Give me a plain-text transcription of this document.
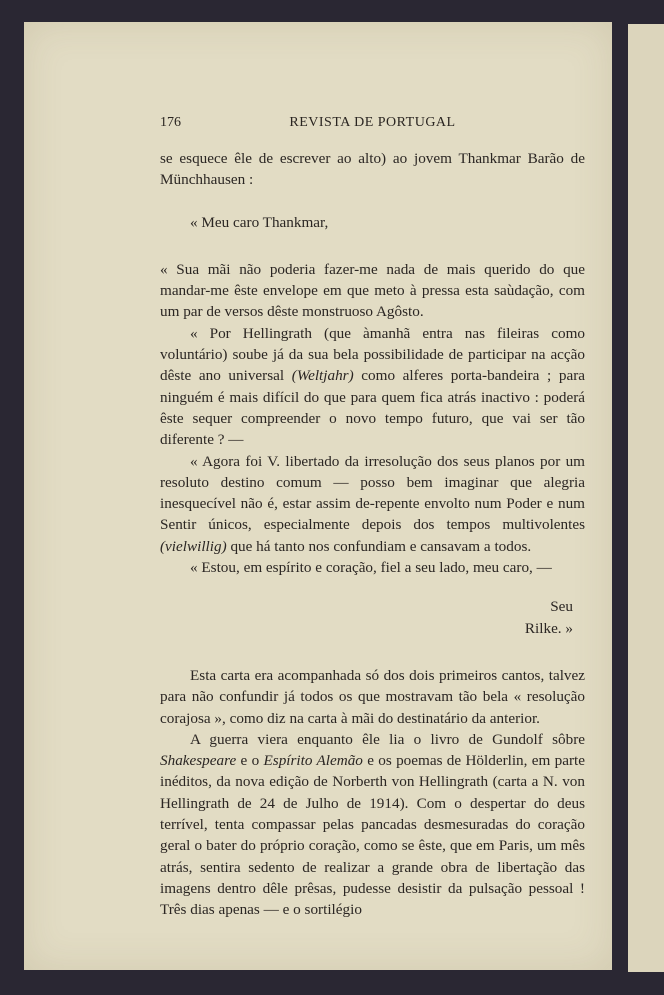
176	REVISTA DE PORTUGAL

se esquece êle de escrever ao alto) ao jovem Thankmar Barão de Münchhausen :

« Meu caro Thankmar,

« Sua mãi não poderia fazer-me nada de mais querido do que mandar-me êste envelope em que meto à pressa esta saùdação, com um par de versos dêste monstruoso Agôsto.

« Por Hellingrath (que àmanhã entra nas fileiras como voluntário) soube já da sua bela possibilidade de participar na acção dêste ano universal (Weltjahr) como alferes porta-bandeira ; para ninguém é mais difícil do que para quem fica atrás inactivo : poderá êste sequer compreender o novo tempo futuro, que vai ser tão diferente ? —

« Agora foi V. libertado da irresolução dos seus planos por um resoluto destino comum — posso bem imaginar que alegria inesquecível não é, estar assim de-repente envolto num Poder e num Sentir únicos, especialmente depois dos tempos multivolentes (vielwillig) que há tanto nos confundiam e cansavam a todos.

« Estou, em espírito e coração, fiel a seu lado, meu caro, —

Seu

Rilke. »

Esta carta era acompanhada só dos dois primeiros cantos, talvez para não confundir já todos os que mostravam tão bela « resolução corajosa », como diz na carta à mãi do destinatário da anterior.

A guerra viera enquanto êle lia o livro de Gundolf sôbre Shakespeare e o Espírito Alemão e os poemas de Hölderlin, em parte inéditos, da nova edição de Norberth von Hellingrath (carta a N. von Hellingrath de 24 de Julho de 1914). Com o despertar do deus terrível, tenta compassar pelas pancadas desmesuradas do coração geral o bater do próprio coração, como se êste, que em Paris, um mês atrás, sentira sedento de realizar a grande obra de libertação das imagens dentro dêle prêsas, pudesse desistir da pulsação pessoal ! Três dias apenas — e o sortilégio
